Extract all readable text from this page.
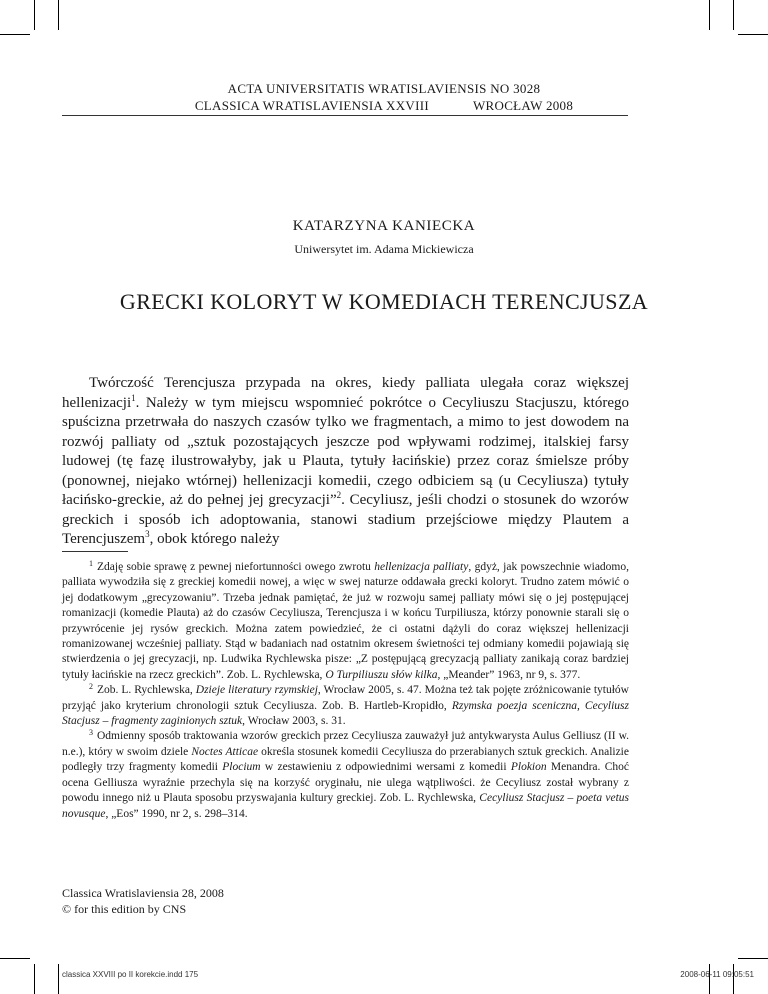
ACTA UNIVERSITATIS WRATISLAVIENSIS NO 3028

CLASSICA WRATISLAVIENSIA XXVIII	WROCŁAW 2008

KATARZYNA KANIECKA

Uniwersytet im. Adama Mickiewicza

GRECKI KOLORYT W KOMEDIACH TERENCJUSZA

Twórczość Terencjusza przypada na okres, kiedy palliata ulegała coraz większej hellenizacji$^1$. Należy w tym miejscu wspomnieć pokrótce o Cecyliuszu Stacjuszu, którego spuścizna przetrwała do naszych czasów tylko we fragmentach, a mimo to jest dowodem na rozwój palliaty od „sztuk pozostających jeszcze pod wpływami rodzimej, italskiej farsy ludowej (tę fazę ilustrowałyby, jak u Plauta, tytuły łacińskie) przez coraz śmielsze próby (ponownej, niejako wtórnej) hellenizacji komedii, czego odbiciem są (u Cecyliusza) tytuły łacińsko-greckie, aż do pełnej jej grecyzacji”$^2$. Cecyliusz, jeśli chodzi o stosunek do wzorów greckich i sposób ich adoptowania, stanowi stadium przejściowe między Plautem a Terencjuszem$^3$, obok którego należy

$^1$ Zdaję sobie sprawę z pewnej niefortunności owego zwrotu hellenizacja palliaty, gdyż, jak powszechnie wiadomo, palliata wywodziła się z greckiej komedii nowej, a więc w swej naturze oddawała grecki koloryt. Trudno zatem mówić o jej dodatkowym „grecyzowaniu”. Trzeba jednak pamiętać, że już w rozwoju samej palliaty mówi się o jej postępującej romanizacji (komedie Plauta) aż do czasów Cecyliusza, Terencjusza i w końcu Turpiliusza, którzy ponownie starali się o przywrócenie jej rysów greckich. Można zatem powiedzieć, że ci ostatni dążyli do coraz większej hellenizacji romanizowanej wcześniej palliaty. Stąd w badaniach nad ostatnim okresem świetności tej odmiany komedii pojawiają się stwierdzenia o jej grecyzacji, np. Ludwika Rychlewska pisze: „Z postępującą grecyzacją palliaty zanikają coraz bardziej tytuły łacińskie na rzecz greckich”. Zob. L. Rychlewska, O Turpiliuszu słów kilka, „Meander” 1963, nr 9, s. 377.

$^2$ Zob. L. Rychlewska, Dzieje literatury rzymskiej, Wrocław 2005, s. 47. Można też tak pojęte zróżnicowanie tytułów przyjąć jako kryterium chronologii sztuk Cecyliusza. Zob. B. Hartleb-Kropidło, Rzymska poezja sceniczna, Cecyliusz Stacjusz – fragmenty zaginionych sztuk, Wrocław 2003, s. 31.

$^3$ Odmienny sposób traktowania wzorów greckich przez Cecyliusza zauważył już antykwarysta Aulus Gelliusz (II w. n.e.), który w swoim dziele Noctes Atticae określa stosunek komedii Cecyliusza do przerabianych sztuk greckich. Analizie podległy trzy fragmenty komedii Plocium w zestawieniu z odpowiednimi wersami z komedii Plokion Menandra. Choć ocena Gelliusza wyraźnie przechyla się na korzyść oryginału, nie ulega wątpliwości. że Cecyliusz został wybrany z powodu innego niż u Plauta sposobu przyswajania kultury greckiej. Zob. L. Rychlewska, Cecyliusz Stacjusz – poeta vetus novusque, „Eos” 1990, nr 2, s. 298–314.

Classica Wratislaviensia 28, 2008

© for this edition by CNS

classica XXVIII po II korekcie.indd 175	2008-06-11 09:05:51
